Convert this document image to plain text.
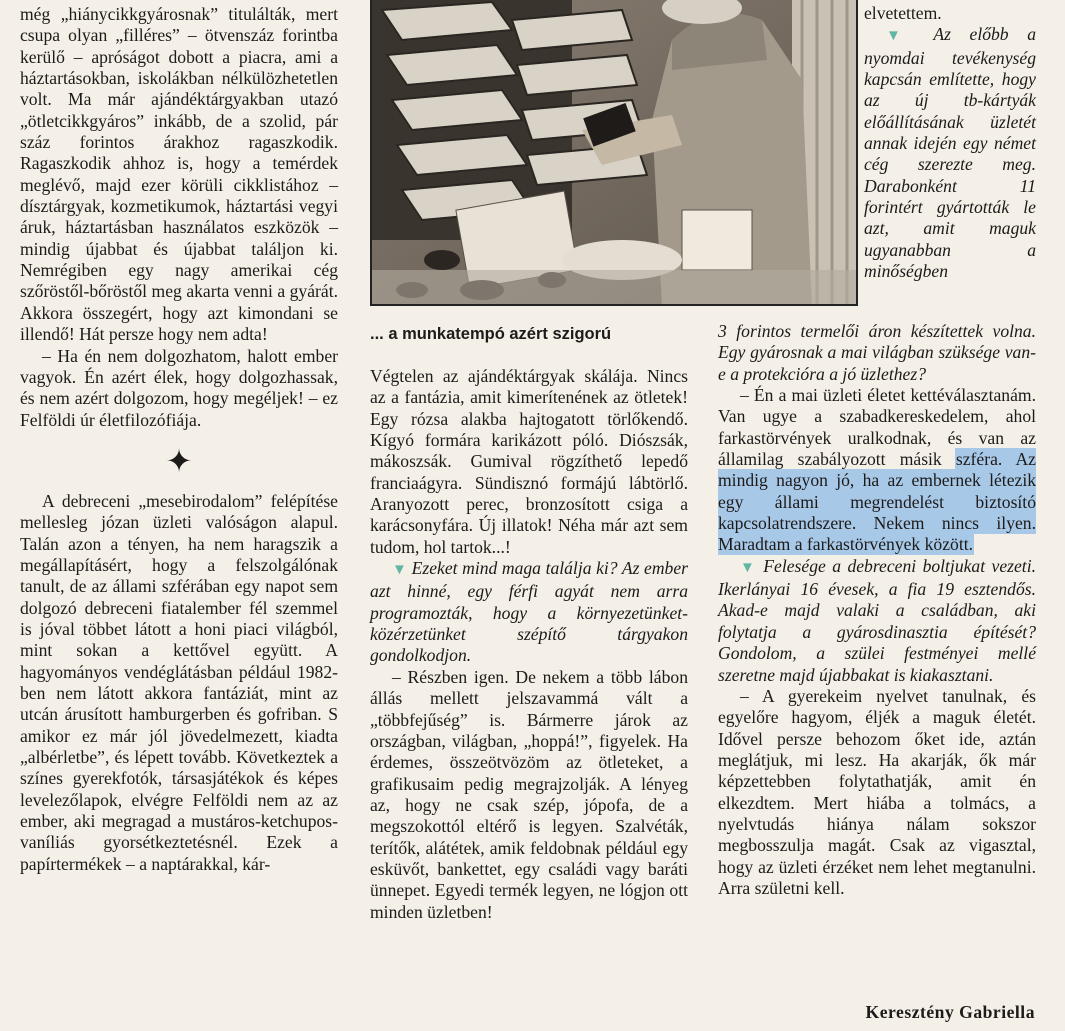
még „hiánycikkgyárosnak” titulálták, mert csupa olyan „filléres” – ötvenszáz forintba kerülő – apróságot dobott a piacra, ami a háztartásokban, iskolákban nélkülözhetetlen volt. Ma már ajándéktárgyakban utazó „ötletcikkgyáros” inkább, de a szolid, pár száz forintos árakhoz ragaszkodik. Ragaszkodik ahhoz is, hogy a temérdek meglévő, majd ezer körüli cikklistához – dísztárgyak, kozmetikumok, háztartási vegyi áruk, háztartásban használatos eszközök – mindig újabbat és újabbat találjon ki. Nemrégiben egy nagy amerikai cég szőröstől-bőröstől meg akarta venni a gyárát. Akkora összegért, hogy azt kimondani se illendő! Hát persze hogy nem adta!

– Ha én nem dolgozhatom, halott ember vagyok. Én azért élek, hogy dolgozhassak, és nem azért dolgozom, hogy megéljek! – ez Felföldi úr életfilozófiája.

✦

A debreceni „mesebirodalom” felépítése mellesleg józan üzleti valóságon alapul. Talán azon a tényen, ha nem haragszik a megállapításért, hogy a felszolgálónak tanult, de az állami szférában egy napot sem dolgozó debreceni fiatalember fél szemmel is jóval többet látott a honi piaci világból, mint sokan a kettővel együtt. A hagyományos vendéglátásban például 1982-ben nem látott akkora fantáziát, mint az utcán árusított hamburgerben és gofriban. S amikor ez már jól jövedelmezett, kiadta „albérletbe”, és lépett tovább. Következtek a színes gyerekfotók, társasjátékok és képes levelezőlapok, elvégre Felföldi nem az az ember, aki megragad a mustáros-ketchupos-vaníliás gyorsétkeztetésnél. Ezek a papírtermékek – a naptárakkal, kár-

... a munkatempó azért szigorú

Végtelen az ajándéktárgyak skálája. Nincs az a fantázia, amit kimerítenének az ötletek! Egy rózsa alakba hajtogatott törlőkendő. Kígyó formára karikázott póló. Diószsák, mákoszsák. Gumival rögzíthető lepedő franciaágyra. Sündisznó formájú lábtörlő. Aranyozott perec, bronzosított csiga a karácsonyfára. Új illatok! Néha már azt sem tudom, hol tartok...!

▼ Ezeket mind maga találja ki? Az ember azt hinné, egy férfi agyát nem arra programozták, hogy a környezetünket-közérzetünket szépítő tárgyakon gondolkodjon.

– Részben igen. De nekem a több lábon állás mellett jelszavammá vált a „többfejűség” is. Bármerre járok az országban, világban, „hoppá!”, figyelek. Ha érdemes, összeötvözöm az ötleteket, a grafikusaim pedig megrajzolják. A lényeg az, hogy ne csak szép, jópofa, de a megszokottól eltérő is legyen. Szalvéták, terítők, alátétek, amik feldobnak például egy esküvőt, bankettet, egy családi vagy baráti ünnepet. Egyedi termék legyen, ne lógjon ott minden üzletben!

elvetettem.

▼ Az előbb a nyomdai tevékenység kapcsán említette, hogy az új tb-kártyák előállításának üzletét annak idején egy német cég szerezte meg. Darabonként 11 forintért gyártották le azt, amit maguk ugyanabban a minőségben

3 forintos termelői áron készítettek volna. Egy gyárosnak a mai világban szüksége van-e a protekcióra a jó üzlethez?

– Én a mai üzleti életet kettéválasztanám. Van ugye a szabadkereskedelem, ahol farkastörvények uralkodnak, és van az államilag szabályozott másik szféra. Az mindig nagyon jó, ha az embernek létezik egy állami megrendelést biztosító kapcsolatrendszere. Nekem nincs ilyen. Maradtam a farkastörvények között.

▼ Felesége a debreceni boltjukat vezeti. Ikerlányai 16 évesek, a fia 19 esztendős. Akad-e majd valaki a családban, aki folytatja a gyárosdinasztia építését? Gondolom, a szülei festményei mellé szeretne majd újabbakat is kiakasztani.

– A gyerekeim nyelvet tanulnak, és egyelőre hagyom, éljék a maguk életét. Idővel persze behozom őket ide, aztán meglátjuk, mi lesz. Ha akarják, ők már képzettebben folytathatják, amit én elkezdtem. Mert hiába a tolmács, a nyelvtudás hiánya nálam sokszor megbosszulja magát. Csak az vigasztal, hogy az üzleti érzéket nem lehet megtanulni. Arra születni kell.

Keresztény Gabriella
